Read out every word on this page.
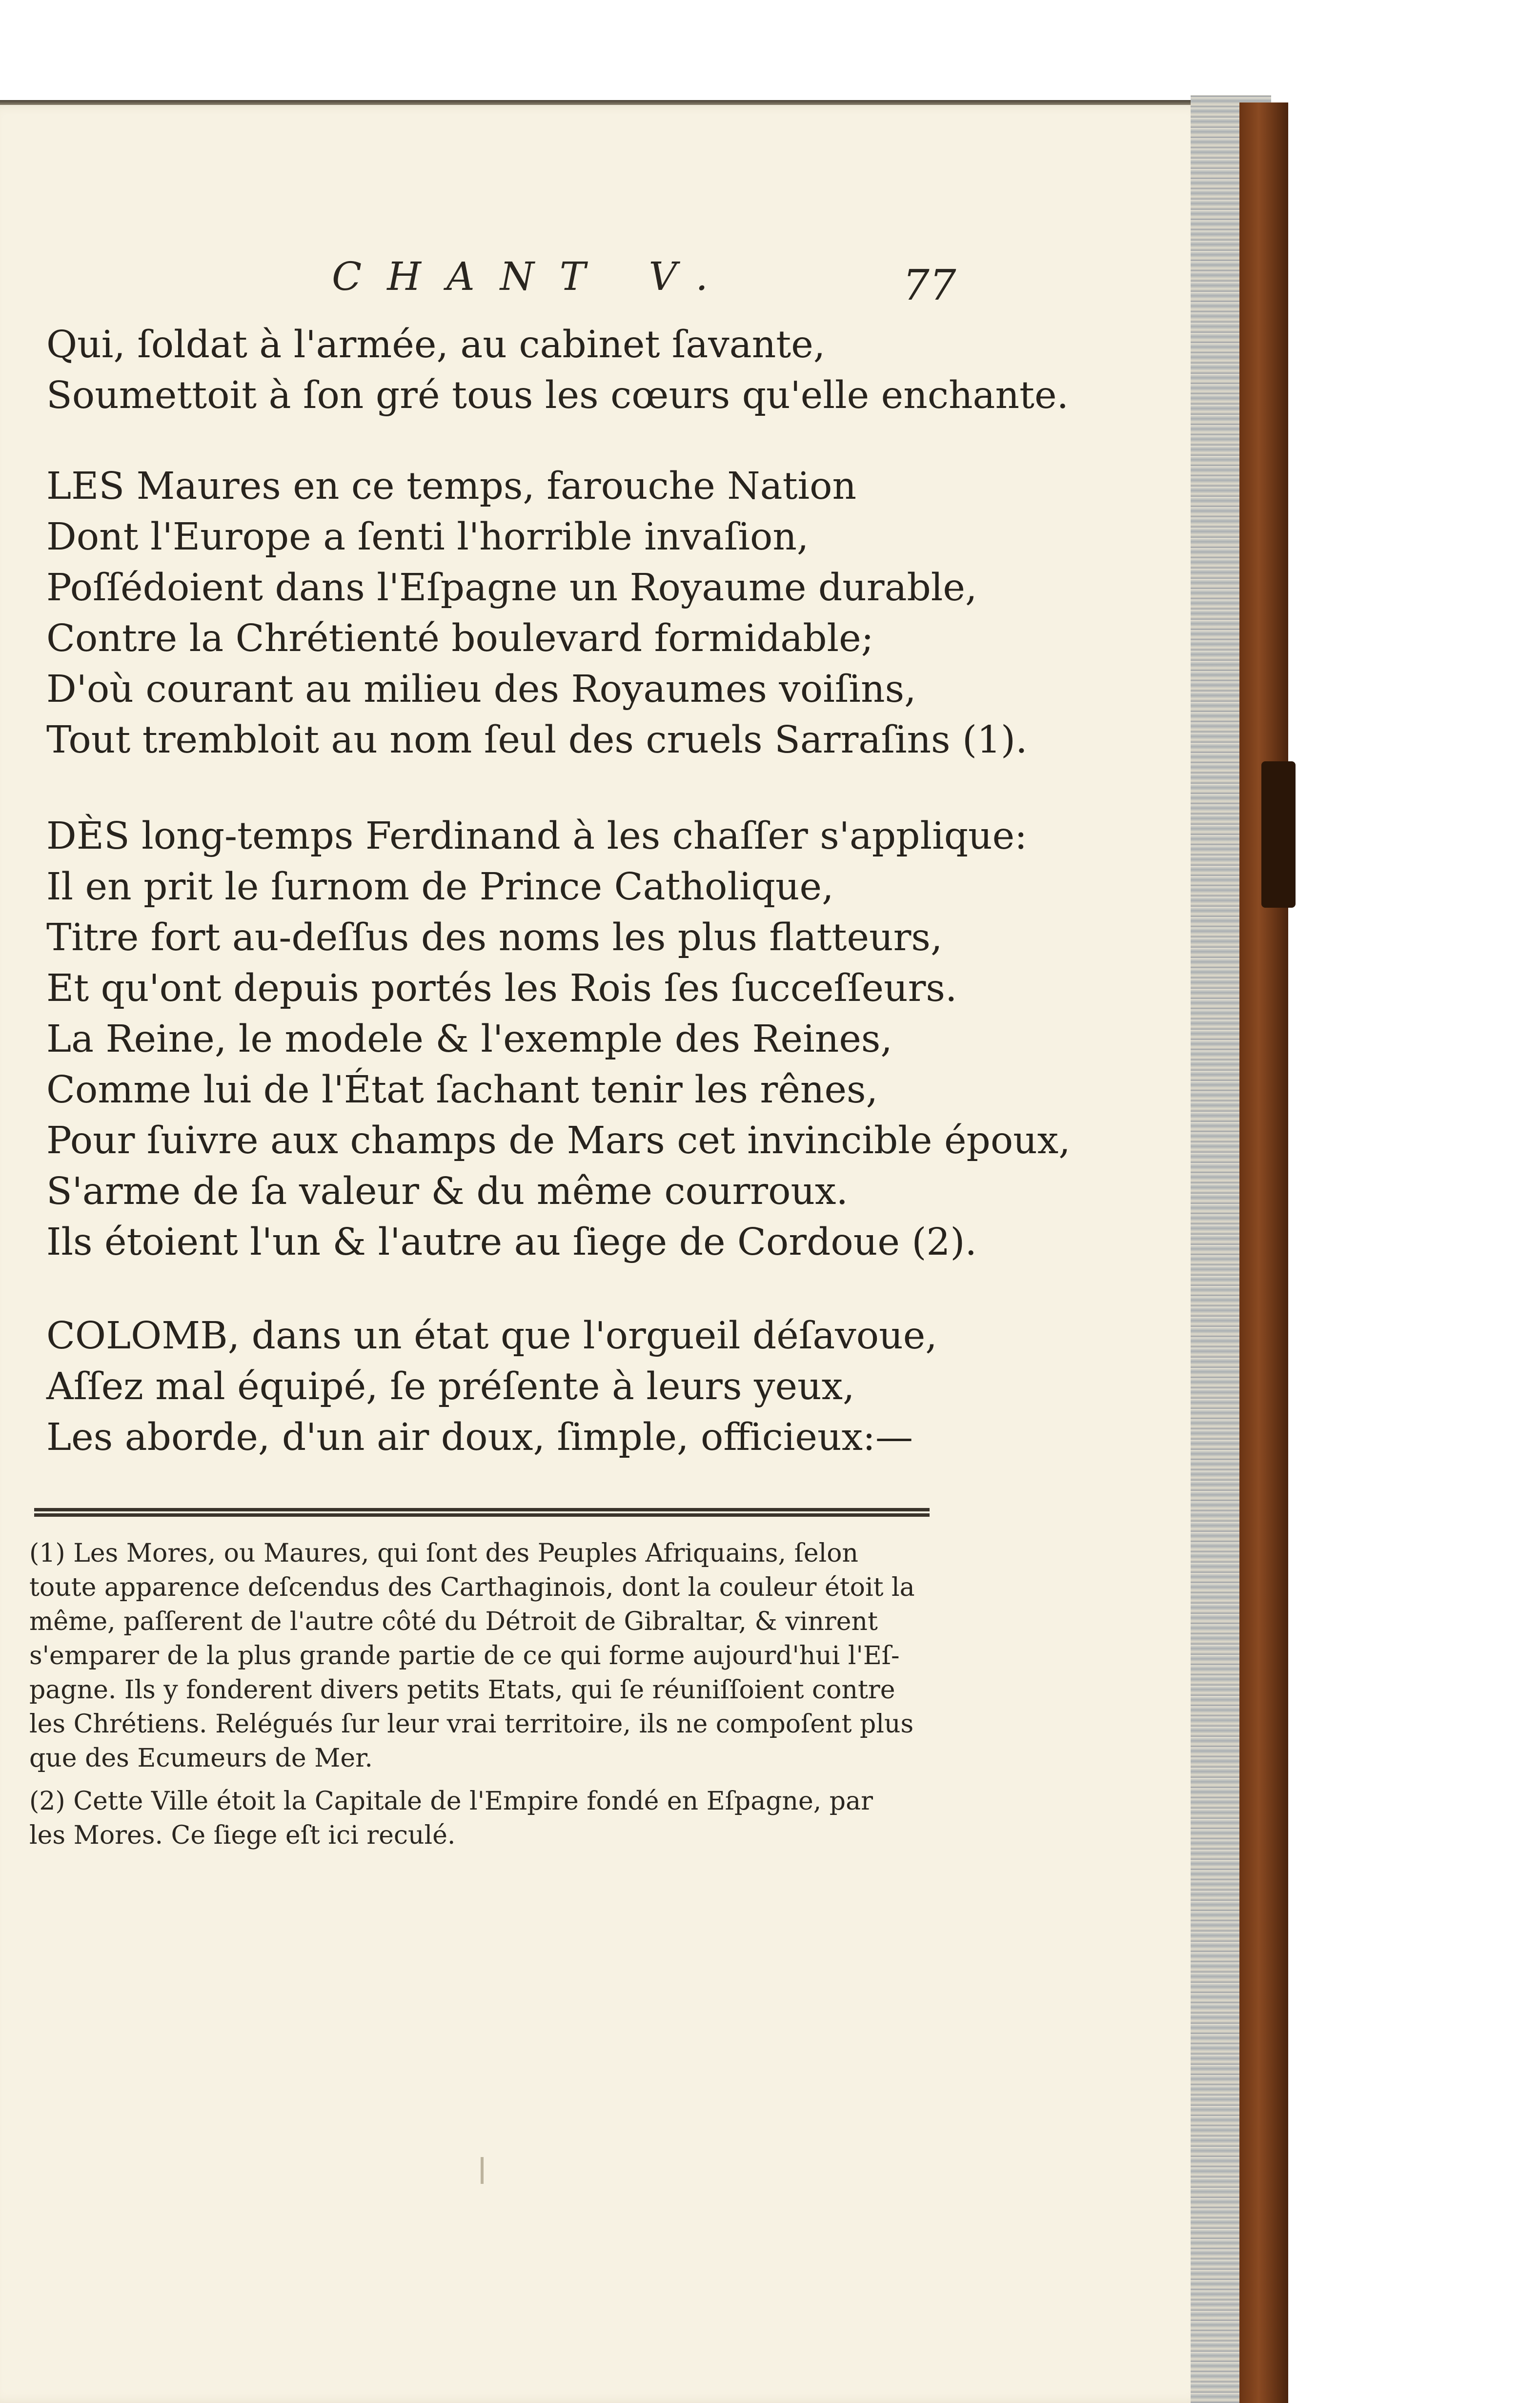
CHANT V.	77
Qui, ſoldat à l'armée, au cabinet ſavante,
Soumettoit à ſon gré tous les cœurs qu'elle enchante.
LES Maures en ce temps, farouche Nation
Dont l'Europe a ſenti l'horrible invaſion,
Poſſédoient dans l'Eſpagne un Royaume durable,
Contre la Chrétienté boulevard formidable;
D'où courant au milieu des Royaumes voiſins,
Tout trembloit au nom ſeul des cruels Sarraſins (1).
DÈS long-temps Ferdinand à les chaſſer s'applique:
Il en prit le ſurnom de Prince Catholique,
Titre fort au-deſſus des noms les plus flatteurs,
Et qu'ont depuis portés les Rois ſes ſucceſſeurs.
La Reine, le modele & l'exemple des Reines,
Comme lui de l'État ſachant tenir les rênes,
Pour ſuivre aux champs de Mars cet invincible époux,
S'arme de ſa valeur & du même courroux.
Ils étoient l'un & l'autre au ſiege de Cordoue (2).
COLOMB, dans un état que l'orgueil déſavoue,
Aſſez mal équipé, ſe préſente à leurs yeux,
Les aborde, d'un air doux, ſimple, officieux:—
(1) Les Mores, ou Maures, qui ſont des Peuples Afriquains, ſelon
toute apparence deſcendus des Carthaginois, dont la couleur étoit la
même, paſſerent de l'autre côté du Détroit de Gibraltar, & vinrent
s'emparer de la plus grande partie de ce qui forme aujourd'hui l'Eſ-
pagne. Ils y fonderent divers petits Etats, qui ſe réuniſſoient contre
les Chrétiens. Relégués ſur leur vrai territoire, ils ne compoſent plus
que des Ecumeurs de Mer.
(2) Cette Ville étoit la Capitale de l'Empire fondé en Eſpagne, par
les Mores. Ce ſiege eſt ici reculé.
